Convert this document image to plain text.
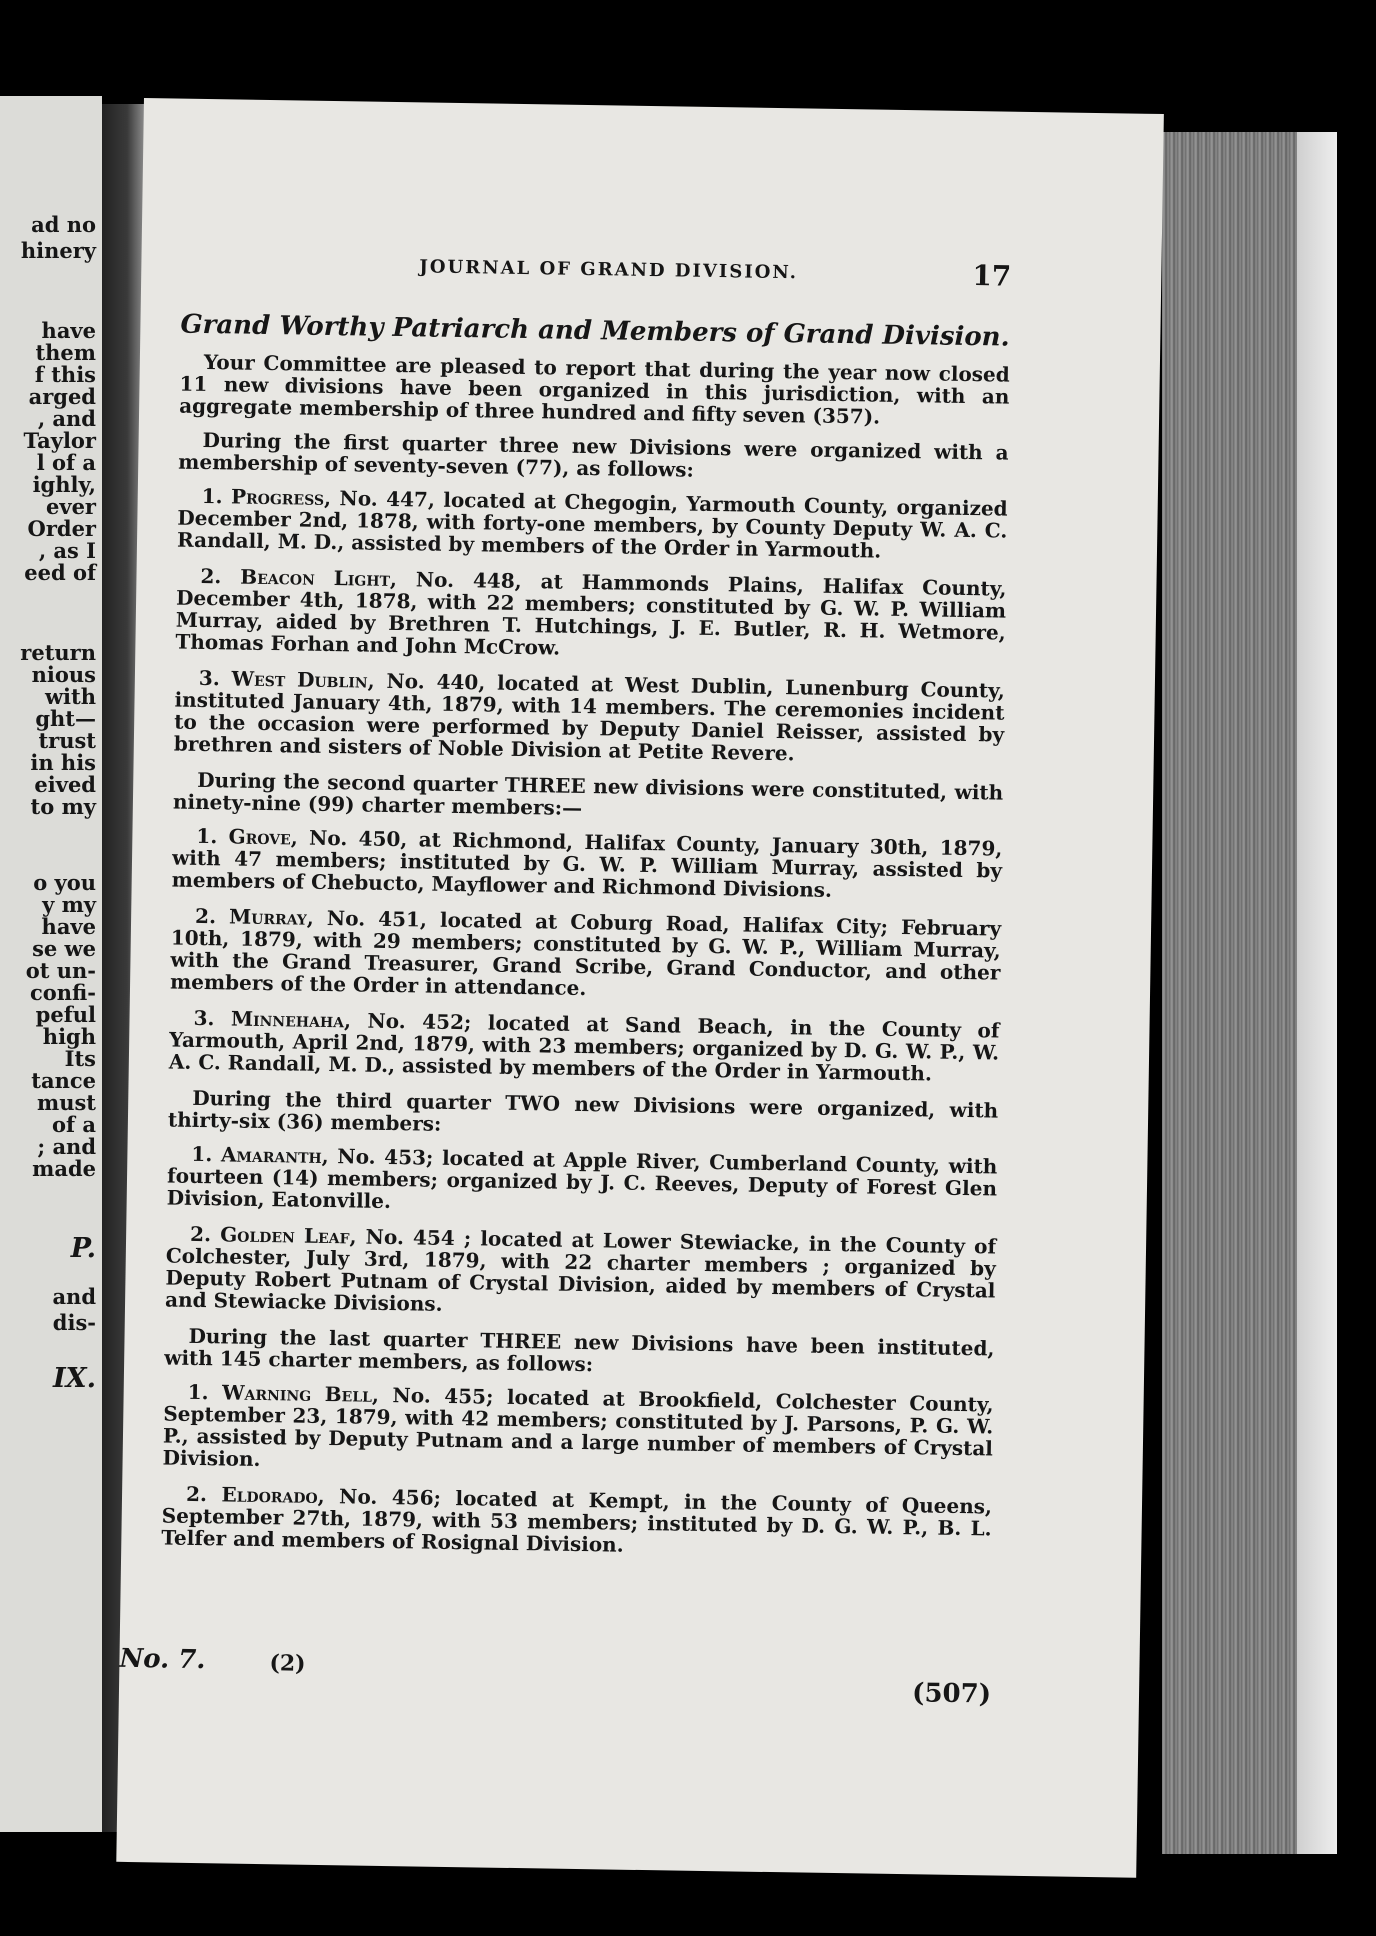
ad no
hinery
have
them
f this
arged
, and
Taylor
l of a
ighly,
ever
Order
, as I
eed of
return
nious
with
ght—
trust
in his
eived
to my
o you
y my
have
se we
ot un-
confi-
peful
high
Its
tance
must
of a
; and
made
P.
and
dis-
IX.
JOURNAL OF GRAND DIVISION.	17
Grand Worthy Patriarch and Members of Grand Division.

Your Committee are pleased to report that during the year now closed 11 new divisions have been organized in this jurisdiction, with an aggregate membership of three hundred and fifty seven (357).

During the first quarter three new Divisions were organized with a membership of seventy-seven (77), as follows:

1. Progress, No. 447, located at Chegogin, Yarmouth County, organized December 2nd, 1878, with forty-one members, by County Deputy W. A. C. Randall, M. D., assisted by members of the Order in Yarmouth.

2. Beacon Light, No. 448, at Hammonds Plains, Halifax County, December 4th, 1878, with 22 members; constituted by G. W. P. William Murray, aided by Brethren T. Hutchings, J. E. Butler, R. H. Wetmore, Thomas Forhan and John McCrow.

3. West Dublin, No. 440, located at West Dublin, Lunenburg County, instituted January 4th, 1879, with 14 members. The ceremonies incident to the occasion were performed by Deputy Daniel Reisser, assisted by brethren and sisters of Noble Division at Petite Revere.

During the second quarter THREE new divisions were constituted, with ninety-nine (99) charter members:—

1. Grove, No. 450, at Richmond, Halifax County, January 30th, 1879, with 47 members; instituted by G. W. P. William Murray, assisted by members of Chebucto, Mayflower and Richmond Divisions.

2. Murray, No. 451, located at Coburg Road, Halifax City; February 10th, 1879, with 29 members; constituted by G. W. P., William Murray, with the Grand Treasurer, Grand Scribe, Grand Conductor, and other members of the Order in attendance.

3. Minnehaha, No. 452; located at Sand Beach, in the County of Yarmouth, April 2nd, 1879, with 23 members; organized by D. G. W. P., W. A. C. Randall, M. D., assisted by members of the Order in Yarmouth.

During the third quarter TWO new Divisions were organized, with thirty-six (36) members:

1. Amaranth, No. 453; located at Apple River, Cumberland County, with fourteen (14) members; organized by J. C. Reeves, Deputy of Forest Glen Division, Eatonville.

2. Golden Leaf, No. 454 ; located at Lower Stewiacke, in the County of Colchester, July 3rd, 1879, with 22 charter members ; organized by Deputy Robert Putnam of Crystal Division, aided by members of Crystal and Stewiacke Divisions.

During the last quarter THREE new Divisions have been instituted, with 145 charter members, as follows:

1. Warning Bell, No. 455; located at Brookfield, Colchester County, September 23, 1879, with 42 members; constituted by J. Parsons, P. G. W. P., assisted by Deputy Putnam and a large number of members of Crystal Division.

2. Eldorado, No. 456; located at Kempt, in the County of Queens, September 27th, 1879, with 53 members; instituted by D. G. W. P., B. L. Telfer and members of Rosignal Division.

No. 7.	(2)
(507)
